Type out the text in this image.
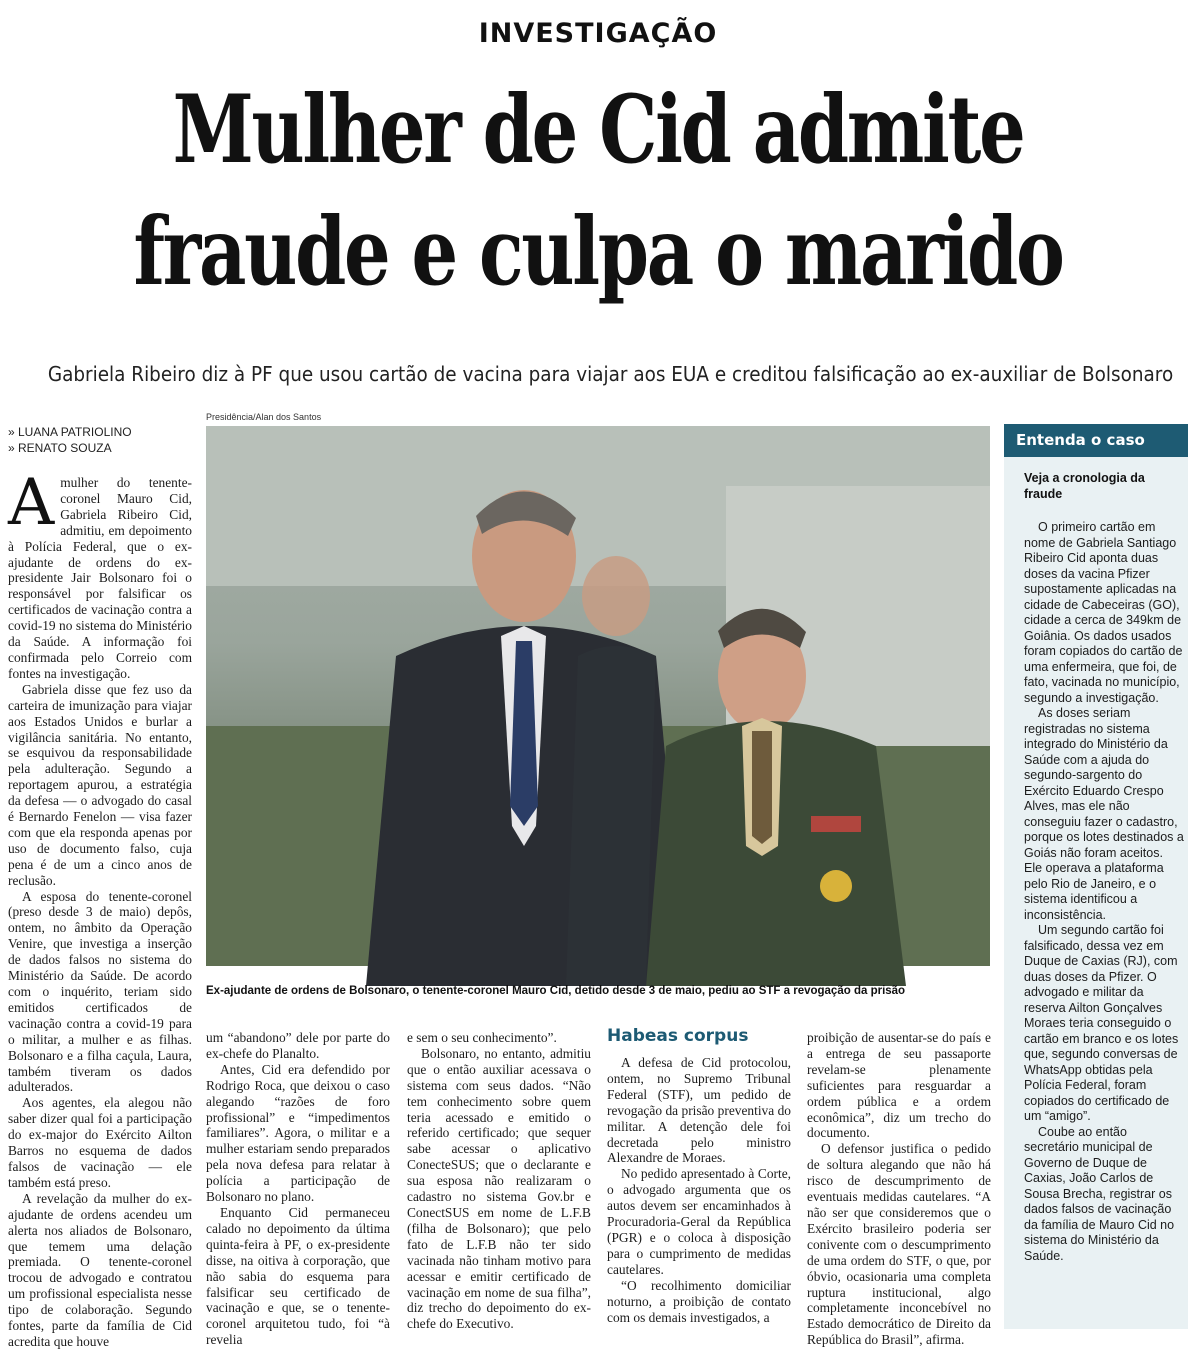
INVESTIGAÇÃO
Mulher de Cid admite
fraude e culpa o marido
Gabriela Ribeiro diz à PF que usou cartão de vacina para viajar aos EUA e creditou falsificação ao ex-auxiliar de Bolsonaro
» LUANA PATRIOLINO
» RENATO SOUZA
Presidência/Alan dos Santos
Ex-ajudante de ordens de Bolsonaro, o tenente-coronel Mauro Cid, detido desde 3 de maio, pediu ao STF a revogação da prisão
A mulher do tenente-coronel Mauro Cid, Gabriela Ribeiro Cid, admitiu, em depoimento à Polícia Federal, que o ex-ajudante de ordens do ex-presidente Jair Bolsonaro foi o responsável por falsificar os certificados de vacinação contra a covid-19 no sistema do Ministério da Saúde. A informação foi confirmada pelo Correio com fontes na investigação.

Gabriela disse que fez uso da carteira de imunização para viajar aos Estados Unidos e burlar a vigilância sanitária. No entanto, se esquivou da responsabilidade pela adulteração. Segundo a reportagem apurou, a estratégia da defesa — o advogado do casal é Bernardo Fenelon — visa fazer com que ela responda apenas por uso de documento falso, cuja pena é de um a cinco anos de reclusão.

A esposa do tenente-coronel (preso desde 3 de maio) depôs, ontem, no âmbito da Operação Venire, que investiga a inserção de dados falsos no sistema do Ministério da Saúde. De acordo com o inquérito, teriam sido emitidos certificados de vacinação contra a covid-19 para o militar, a mulher e as filhas. Bolsonaro e a filha caçula, Laura, também tiveram os dados adulterados.

Aos agentes, ela alegou não saber dizer qual foi a participação do ex-major do Exército Ailton Barros no esquema de dados falsos de vacinação — ele também está preso.

A revelação da mulher do ex-ajudante de ordens acendeu um alerta nos aliados de Bolsonaro, que temem uma delação premiada. O tenente-coronel trocou de advogado e contratou um profissional especialista nesse tipo de colaboração. Segundo fontes, parte da família de Cid acredita que houve

um “abandono” dele por parte do ex-chefe do Planalto.

Antes, Cid era defendido por Rodrigo Roca, que deixou o caso alegando “razões de foro profissional” e “impedimentos familiares”. Agora, o militar e a mulher estariam sendo preparados pela nova defesa para relatar à polícia a participação de Bolsonaro no plano.

Enquanto Cid permaneceu calado no depoimento da última quinta-feira à PF, o ex-presidente disse, na oitiva à corporação, que não sabia do esquema para falsificar seu certificado de vacinação e que, se o tenente-coronel arquitetou tudo, foi “à revelia

e sem o seu conhecimento”.

Bolsonaro, no entanto, admitiu que o então auxiliar acessava o sistema com seus dados. “Não tem conhecimento sobre quem teria acessado e emitido o referido certificado; que sequer sabe acessar o aplicativo ConecteSUS; que o declarante e sua esposa não realizaram o cadastro no sistema Gov.br e ConectSUS em nome de L.F.B (filha de Bolsonaro); que pelo fato de L.F.B não ter sido vacinada não tinham motivo para acessar e emitir certificado de vacinação em nome de sua filha”, diz trecho do depoimento do ex-chefe do Executivo.

Habeas corpus

A defesa de Cid protocolou, ontem, no Supremo Tribunal Federal (STF), um pedido de revogação da prisão preventiva do militar. A detenção dele foi decretada pelo ministro Alexandre de Moraes.

No pedido apresentado à Corte, o advogado argumenta que os autos devem ser encaminhados à Procuradoria-Geral da República (PGR) e o coloca à disposição para o cumprimento de medidas cautelares.

“O recolhimento domiciliar noturno, a proibição de contato com os demais investigados, a

proibição de ausentar-se do país e a entrega de seu passaporte revelam-se plenamente suficientes para resguardar a ordem pública e a ordem econômica”, diz um trecho do documento.

O defensor justifica o pedido de soltura alegando que não há risco de descumprimento de eventuais medidas cautelares. “A não ser que consideremos que o Exército brasileiro poderia ser conivente com o descumprimento de uma ordem do STF, o que, por óbvio, ocasionaria uma completa ruptura institucional, algo completamente inconcebível no Estado democrático de Direito da República do Brasil”, afirma.

Entenda o caso
Veja a cronologia da fraude

O primeiro cartão em nome de Gabriela Santiago Ribeiro Cid aponta duas doses da vacina Pfizer supostamente aplicadas na cidade de Cabeceiras (GO), cidade a cerca de 349km de Goiânia. Os dados usados foram copiados do cartão de uma enfermeira, que foi, de fato, vacinada no município, segundo a investigação.

As doses seriam registradas no sistema integrado do Ministério da Saúde com a ajuda do segundo-sargento do Exército Eduardo Crespo Alves, mas ele não conseguiu fazer o cadastro, porque os lotes destinados a Goiás não foram aceitos. Ele operava a plataforma pelo Rio de Janeiro, e o sistema identificou a inconsistência.

Um segundo cartão foi falsificado, dessa vez em Duque de Caxias (RJ), com duas doses da Pfizer. O advogado e militar da reserva Ailton Gonçalves Moraes teria conseguido o cartão em branco e os lotes que, segundo conversas de WhatsApp obtidas pela Polícia Federal, foram copiados do certificado de um “amigo”.

Coube ao então secretário municipal de Governo de Duque de Caxias, João Carlos de Sousa Brecha, registrar os dados falsos de vacinação da família de Mauro Cid no sistema do Ministério da Saúde.
